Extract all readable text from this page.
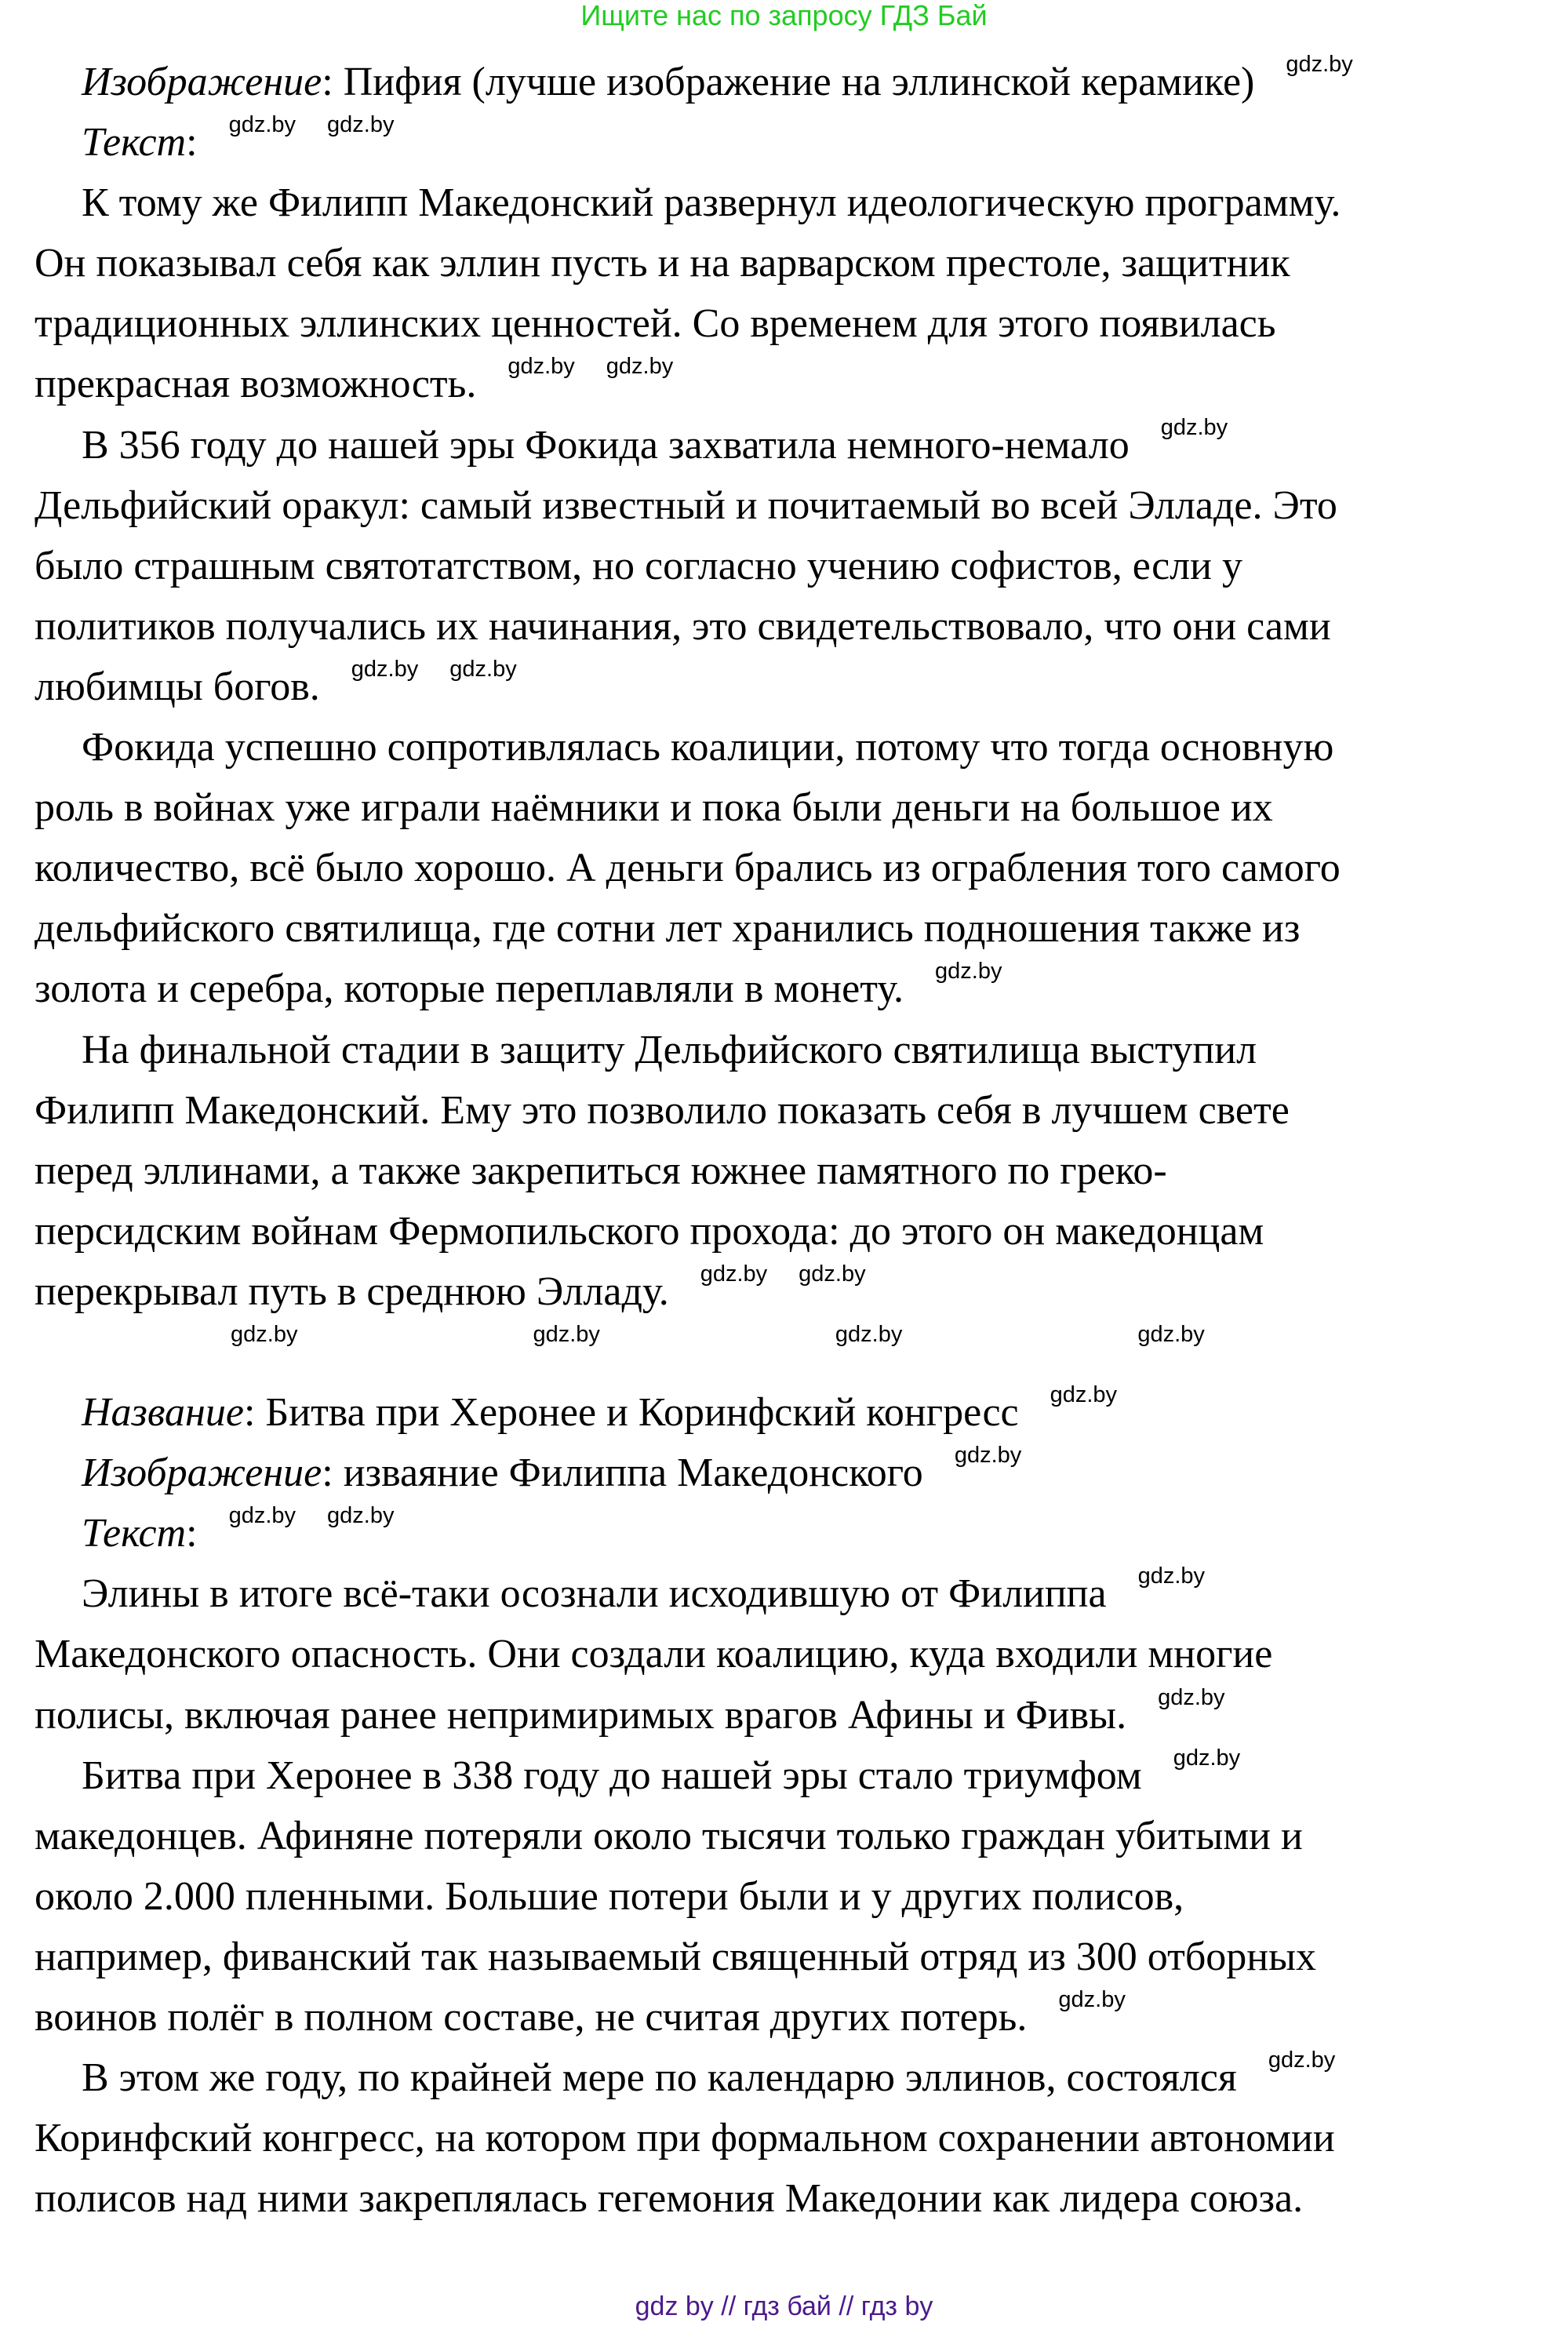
Ищите нас по запросу ГДЗ Бай
Изображение: Пифия (лучше изображение на эллинской керамике) gdz.by
Текст: gdz.by gdz.by
К тому же Филипп Македонский развернул идеологическую программу.
Он показывал себя как эллин пусть и на варварском престоле, защитник
традиционных эллинских ценностей. Со временем для этого появилась
прекрасная возможность. gdz.by gdz.by
В 356 году до нашей эры Фокида захватила немного-немало gdz.by
Дельфийский оракул: самый известный и почитаемый во всей Элладе. Это
было страшным святотатством, но согласно учению софистов, если у
политиков получались их начинания, это свидетельствовало, что они сами
любимцы богов. gdz.by gdz.by
Фокида успешно сопротивлялась коалиции, потому что тогда основную
роль в войнах уже играли наёмники и пока были деньги на большое их
количество, всё было хорошо. А деньги брались из ограбления того самого
дельфийского святилища, где сотни лет хранились подношения также из
золота и серебра, которые переплавляли в монету. gdz.by
На финальной стадии в защиту Дельфийского святилища выступил
Филипп Македонский. Ему это позволило показать себя в лучшем свете
перед эллинами, а также закрепиться южнее памятного по греко-
персидским войнам Фермопильского прохода: до этого он македонцам
перекрывал путь в среднюю Элладу. gdz.by gdz.by
gdz.by	gdz.by	gdz.by	gdz.by
Название: Битва при Херонее и Коринфский конгресс gdz.by
Изображение: изваяние Филиппа Македонского gdz.by
Текст: gdz.by gdz.by
Элины в итоге всё-таки осознали исходившую от Филиппа gdz.by
Македонского опасность. Они создали коалицию, куда входили многие
полисы, включая ранее непримиримых врагов Афины и Фивы. gdz.by
Битва при Херонее в 338 году до нашей эры стало триумфом gdz.by
македонцев. Афиняне потеряли около тысячи только граждан убитыми и
около 2.000 пленными. Большие потери были и у других полисов,
например, фиванский так называемый священный отряд из 300 отборных
воинов полёг в полном составе, не считая других потерь. gdz.by
В этом же году, по крайней мере по календарю эллинов, состоялся gdz.by
Коринфский конгресс, на котором при формальном сохранении автономии
полисов над ними закреплялась гегемония Македонии как лидера союза.
gdz by // гдз бай // гдз by
